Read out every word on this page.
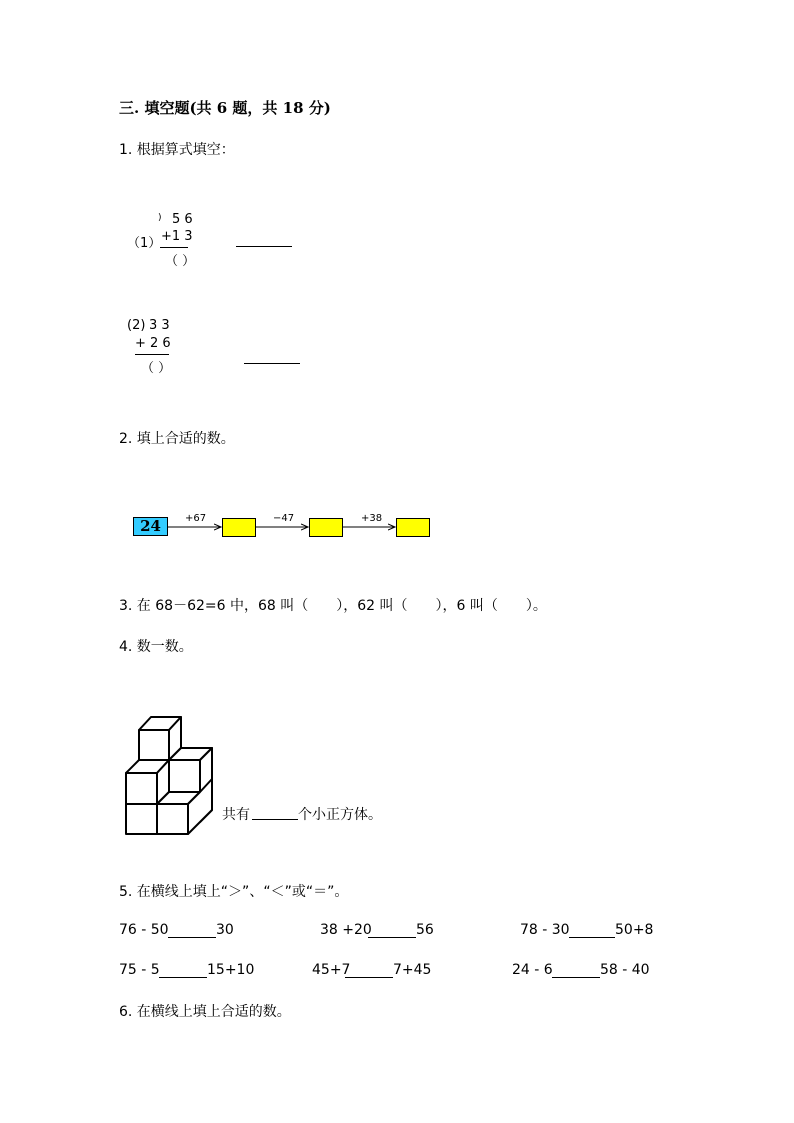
三. 填空题(共 6 题，共 18 分)
1. 根据算式填空：
) 5 6
（1） +1 3
（ ）
(2) 3 3
+ 2 6
（ ）
2. 填上合适的数。
24	+67	−47	+38
3. 在 68－62=6 中，68 叫（　　），62 叫（　　），6 叫（　　）。
4. 数一数。
共有	个小正方体。
5. 在横线上填上“＞”、“＜”或“＝”。
76 - 50	30	38 +20	56	78 - 30	50+8
75 - 5	15+10	45+7	7+45	24 - 6	58 - 40
6. 在横线上填上合适的数。
